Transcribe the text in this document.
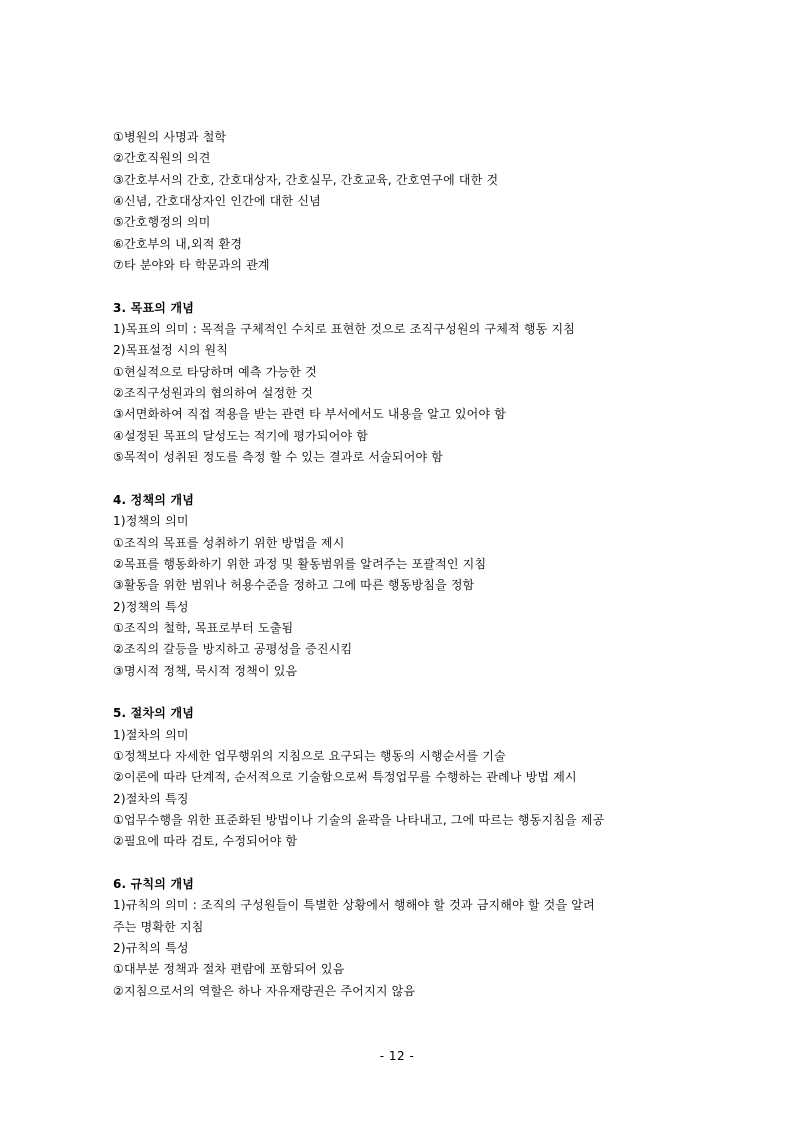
①병원의 사명과 철학
②간호직원의 의견
③간호부서의 간호, 간호대상자, 간호실무, 간호교육, 간호연구에 대한 것
④신념, 간호대상자인 인간에 대한 신념
⑤간호행정의 의미
⑥간호부의 내,외적 환경
⑦타 분야와 타 학문과의 관계
3. 목표의 개념
1)목표의 의미 : 목적을 구체적인 수치로 표현한 것으로 조직구성원의 구체적 행동 지침
2)목표설정 시의 원칙
①현실적으로 타당하며 예측 가능한 것
②조직구성원과의 협의하여 설정한 것
③서면화하여 직접 적용을 받는 관련 타 부서에서도 내용을 알고 있어야 함
④설정된 목표의 달성도는 적기에 평가되어야 함
⑤목적이 성취된 정도를 측정 할 수 있는 결과로 서술되어야 함
4. 정책의 개념
1)정책의 의미
①조직의 목표를 성취하기 위한 방법을 제시
②목표를 행동화하기 위한 과정 및 활동범위를 알려주는 포괄적인 지침
③활동을 위한 범위나 허용수준을 정하고 그에 따른 행동방침을 정함
2)정책의 특성
①조직의 철학, 목표로부터 도출됨
②조직의 갈등을 방지하고 공평성을 증진시킴
③명시적 정책, 묵시적 정책이 있음
5. 절차의 개념
1)절차의 의미
①정책보다 자세한 업무행위의 지침으로 요구되는 행동의 시행순서를 기술
②이론에 따라 단계적, 순서적으로 기술함으로써 특정업무를 수행하는 관례나 방법 제시
2)절차의 특징
①업무수행을 위한 표준화된 방법이나 기술의 윤곽을 나타내고, 그에 따르는 행동지침을 제공
②필요에 따라 검토, 수정되어야 함
6. 규칙의 개념
1)규칙의 의미 : 조직의 구성원들이 특별한 상황에서 행해야 할 것과 금지해야 할 것을 알려
주는 명확한 지침
2)규칙의 특성
①대부분 정책과 절차 편람에 포함되어 있음
②지침으로서의 역할은 하나 자유재량권은 주어지지 않음
- 12 -
